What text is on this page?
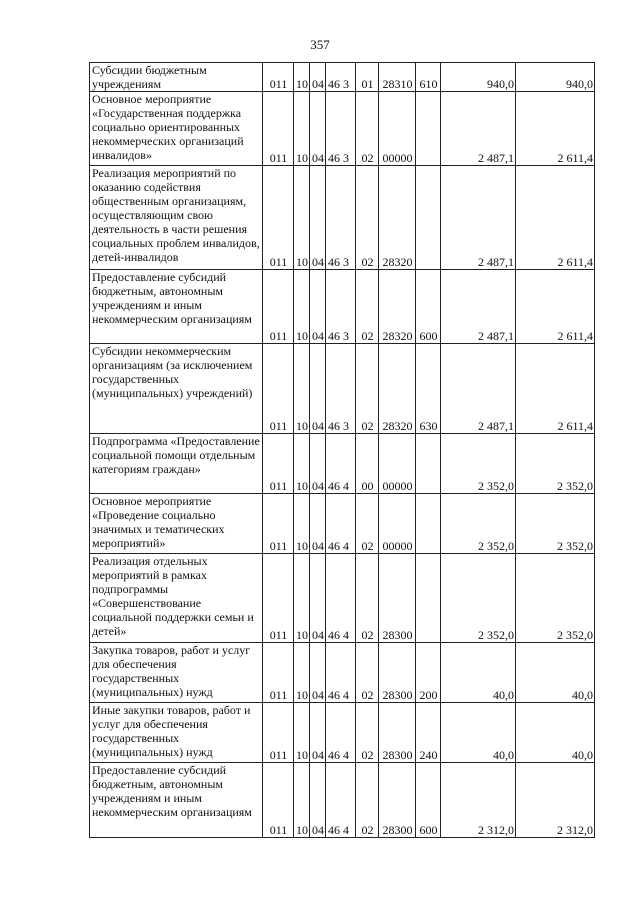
357
Субсидии бюджетным учреждениям	011	10	04	46 3	01	28310	610	940,0	940,0

Основное мероприятие «Государственная поддержка социально ориентированных некоммерческих организаций инвалидов»	011	10	04	46 3	02	00000		2 487,1	2 611,4

Реализация мероприятий по оказанию содействия общественным организациям, осуществляющим свою деятельность в части решения социальных проблем инвалидов, детей-инвалидов	011	10	04	46 3	02	28320		2 487,1	2 611,4

Предоставление субсидий бюджетным, автономным учреждениям и иным некоммерческим организациям	011	10	04	46 3	02	28320	600	2 487,1	2 611,4

Субсидии некоммерческим организациям (за исключением государственных (муниципальных) учреждений)	011	10	04	46 3	02	28320	630	2 487,1	2 611,4

Подпрограмма «Предоставление социальной помощи отдельным категориям граждан»	011	10	04	46 4	00	00000		2 352,0	2 352,0

Основное мероприятие «Проведение социально значимых и тематических мероприятий»	011	10	04	46 4	02	00000		2 352,0	2 352,0

Реализация отдельных мероприятий в рамках подпрограммы «Совершенствование социальной поддержки семьи и детей»	011	10	04	46 4	02	28300		2 352,0	2 352,0

Закупка товаров, работ и услуг для обеспечения государственных (муниципальных) нужд	011	10	04	46 4	02	28300	200	40,0	40,0

Иные закупки товаров, работ и услуг для обеспечения государственных (муниципальных) нужд	011	10	04	46 4	02	28300	240	40,0	40,0

Предоставление субсидий бюджетным, автономным учреждениям и иным некоммерческим организациям	011	10	04	46 4	02	28300	600	2 312,0	2 312,0
